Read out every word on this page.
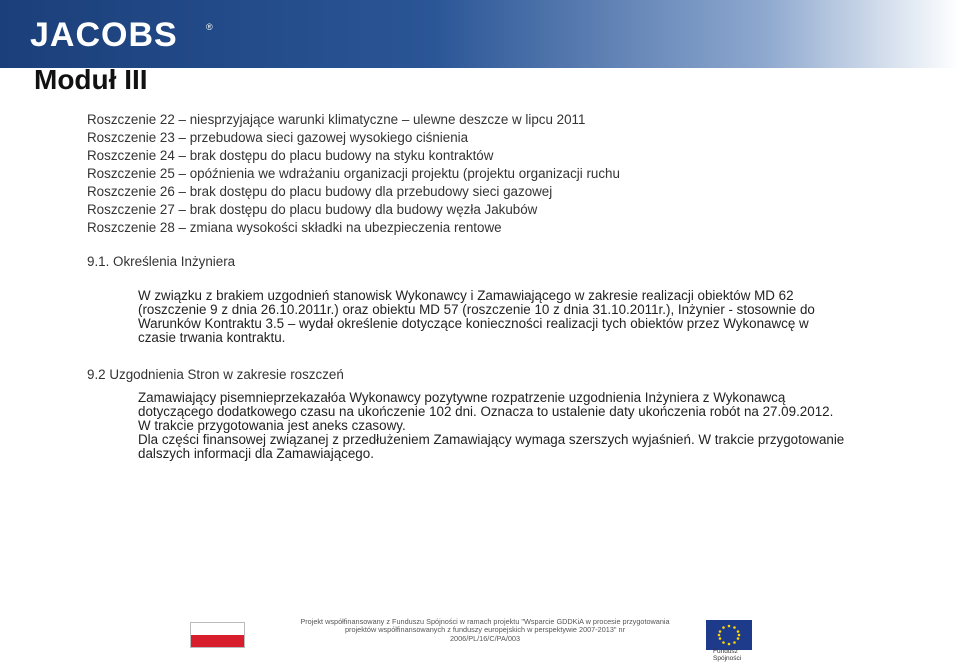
JACOBS	®
Moduł III
Roszczenie 22 – niesprzyjające warunki klimatyczne – ulewne deszcze w lipcu 2011
Roszczenie 23 – przebudowa sieci gazowej wysokiego ciśnienia
Roszczenie 24 – brak dostępu do placu budowy na styku kontraktów
Roszczenie 25 – opóźnienia we wdrażaniu organizacji projektu (projektu organizacji ruchu
Roszczenie 26 – brak dostępu do placu budowy dla przebudowy sieci gazowej
Roszczenie 27 – brak dostępu do placu budowy dla budowy węzła Jakubów
Roszczenie 28 – zmiana wysokości składki na ubezpieczenia rentowe
9.1. Określenia Inżyniera
W związku z brakiem uzgodnień stanowisk Wykonawcy i Zamawiającego w zakresie realizacji obiektów MD 62
(roszczenie 9 z dnia 26.10.2011r.) oraz obiektu MD 57 (roszczenie 10 z dnia 31.10.2011r.), Inżynier - stosownie do
Warunków Kontraktu 3.5 – wydał określenie dotyczące konieczności realizacji tych obiektów przez Wykonawcę w
czasie trwania kontraktu.
9.2 Uzgodnienia Stron w zakresie roszczeń
Zamawiający pisemnieprzekazałóa Wykonawcy pozytywne rozpatrzenie uzgodnienia Inżyniera z Wykonawcą
dotyczącego dodatkowego czasu na ukończenie 102 dni. Oznacza to ustalenie daty ukończenia robót na 27.09.2012.
W trakcie przygotowania jest aneks czasowy.
Dla części finansowej związanej z przedłużeniem Zamawiający wymaga szerszych wyjaśnień. W trakcie przygotowanie
dalszych informacji dla Zamawiającego.
Projekt współfinansowany z Funduszu Spójności w ramach projektu "Wsparcie GDDKiA w procesie przygotowania
projektów współfinansowanych z funduszy europejskich w perspektywie 2007-2013" nr
2006/PL/16/C/PA/003
Fundusz
Spójności
